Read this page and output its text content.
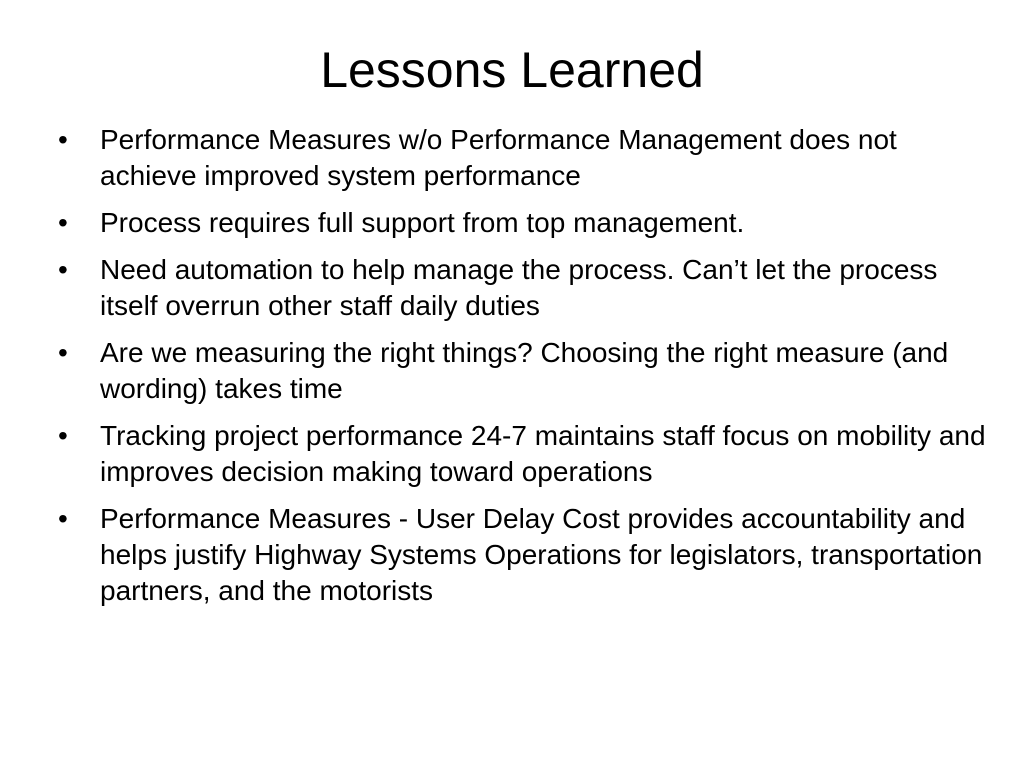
Lessons Learned
•	Performance Measures w/o Performance Management does not achieve improved system performance
•	Process requires full support from top management.
•	Need automation to help manage the process. Can’t let the process itself overrun other staff daily duties
•	Are we measuring the right things? Choosing the right measure (and wording) takes time
•	Tracking project performance 24-7 maintains staff focus on mobility and improves decision making toward operations
•	Performance Measures - User Delay Cost provides accountability and helps justify Highway Systems Operations for legislators, transportation partners, and the motorists
